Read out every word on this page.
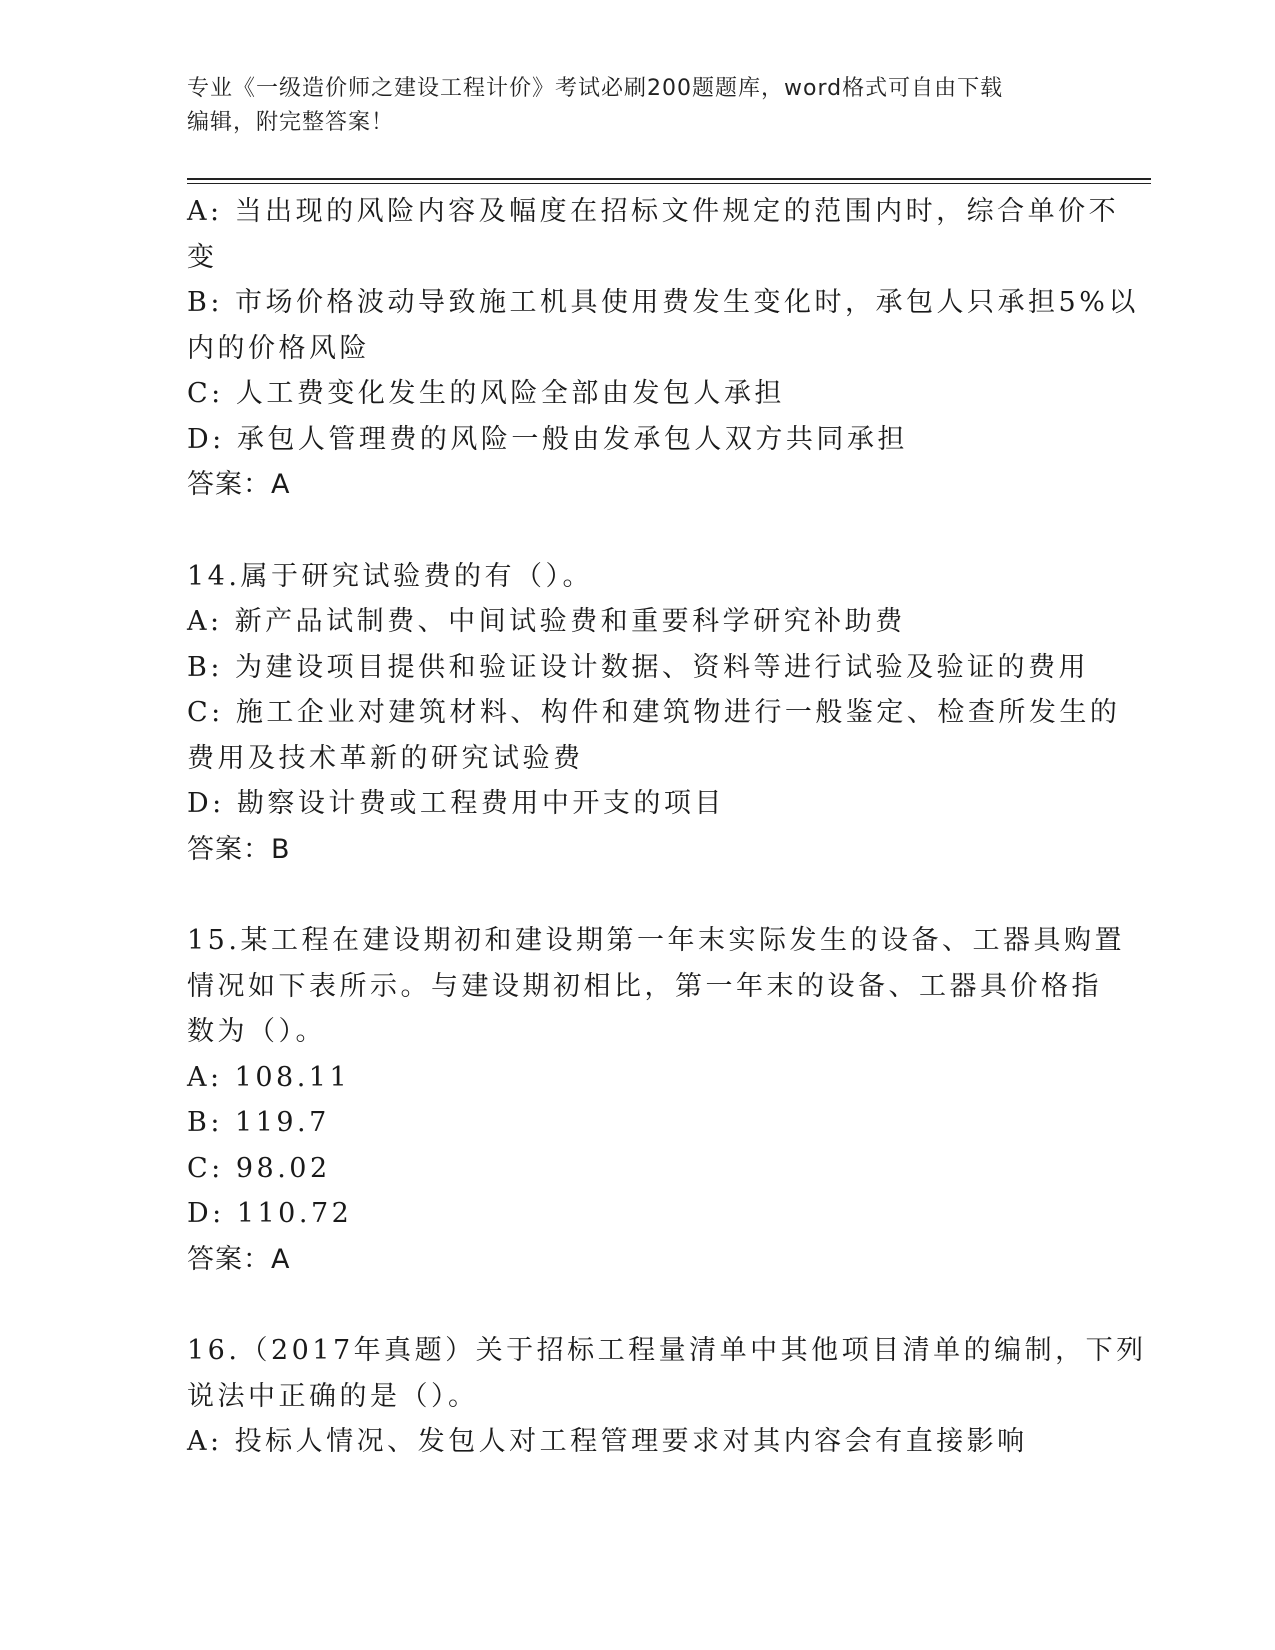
专业《一级造价师之建设工程计价》考试必刷200题题库，word格式可自由下载
编辑，附完整答案！

A: 当出现的风险内容及幅度在招标文件规定的范围内时，综合单价不

变

B: 市场价格波动导致施工机具使用费发生变化时，承包人只承担5%以

内的价格风险

C: 人工费变化发生的风险全部由发包人承担

D: 承包人管理费的风险一般由发承包人双方共同承担

答案：A

14.属于研究试验费的有（）。

A: 新产品试制费、中间试验费和重要科学研究补助费

B: 为建设项目提供和验证设计数据、资料等进行试验及验证的费用

C: 施工企业对建筑材料、构件和建筑物进行一般鉴定、检查所发生的

费用及技术革新的研究试验费

D: 勘察设计费或工程费用中开支的项目

答案：B

15.某工程在建设期初和建设期第一年末实际发生的设备、工器具购置

情况如下表所示。与建设期初相比，第一年末的设备、工器具价格指

数为（）。

A: 108.11

B: 119.7

C: 98.02

D: 110.72

答案：A

16.（2017年真题）关于招标工程量清单中其他项目清单的编制，下列

说法中正确的是（）。

A: 投标人情况、发包人对工程管理要求对其内容会有直接影响
